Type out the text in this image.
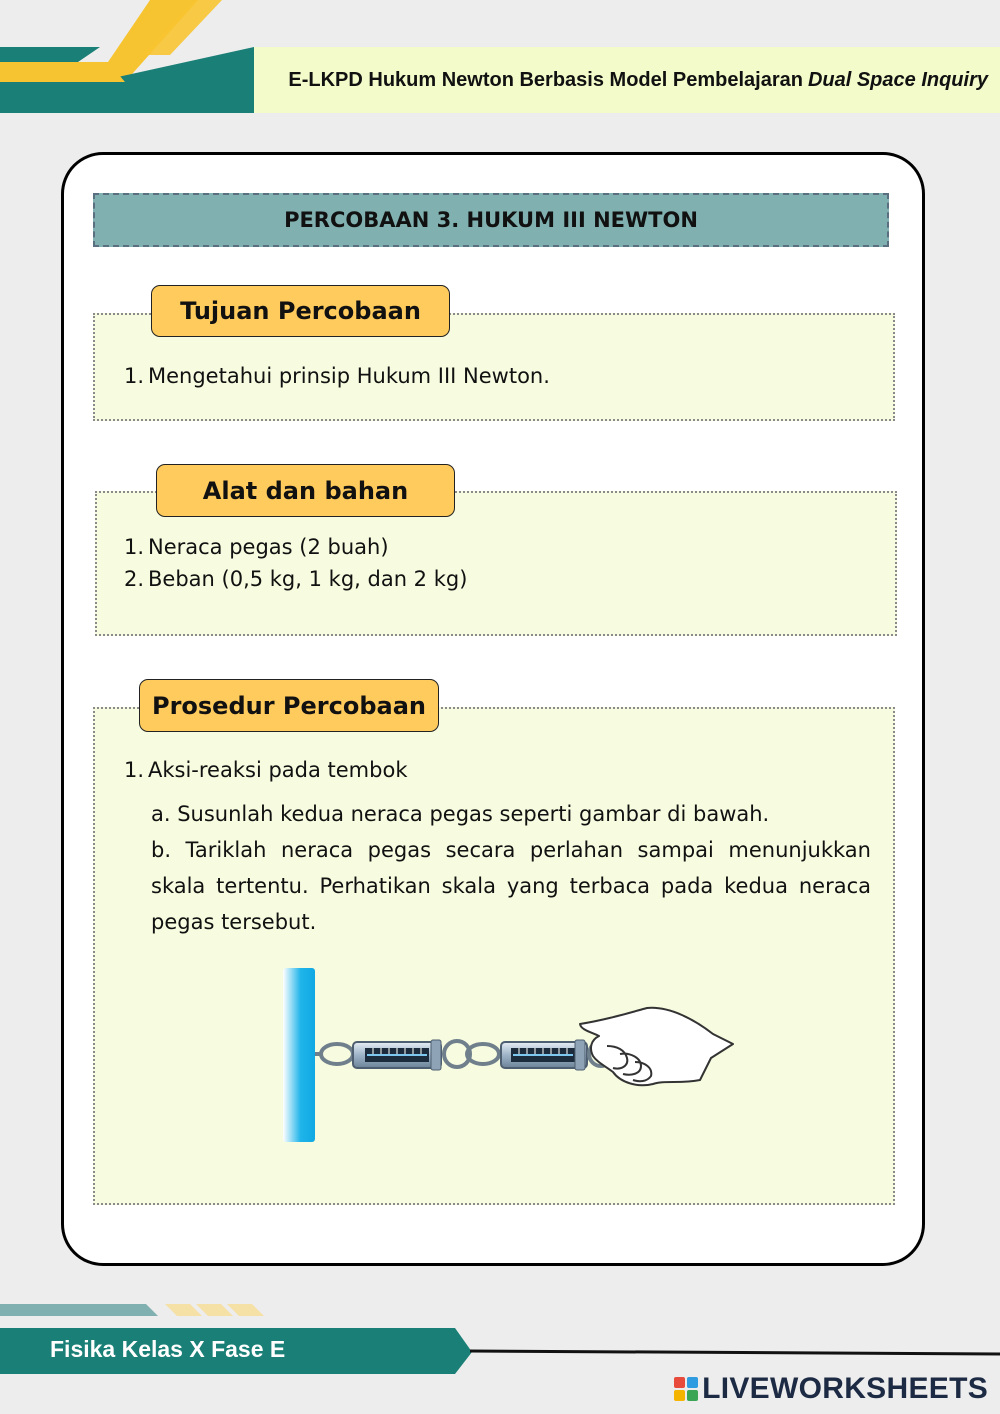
E-LKPD Hukum Newton Berbasis Model Pembelajaran Dual Space Inquiry
PERCOBAAN 3. HUKUM III NEWTON
Tujuan Percobaan
1. Mengetahui prinsip Hukum III Newton.
Alat dan bahan
1. Neraca pegas (2 buah)
2. Beban (0,5 kg, 1 kg, dan 2 kg)
Prosedur Percobaan
1. Aksi-reaksi pada tembok

a. Susunlah kedua neraca pegas seperti gambar di bawah.

b. Tariklah neraca pegas secara perlahan sampai menunjukkan skala tertentu. Perhatikan skala yang terbaca pada kedua neraca pegas tersebut.

Fisika Kelas X Fase E
LIVEWORKSHEETS
